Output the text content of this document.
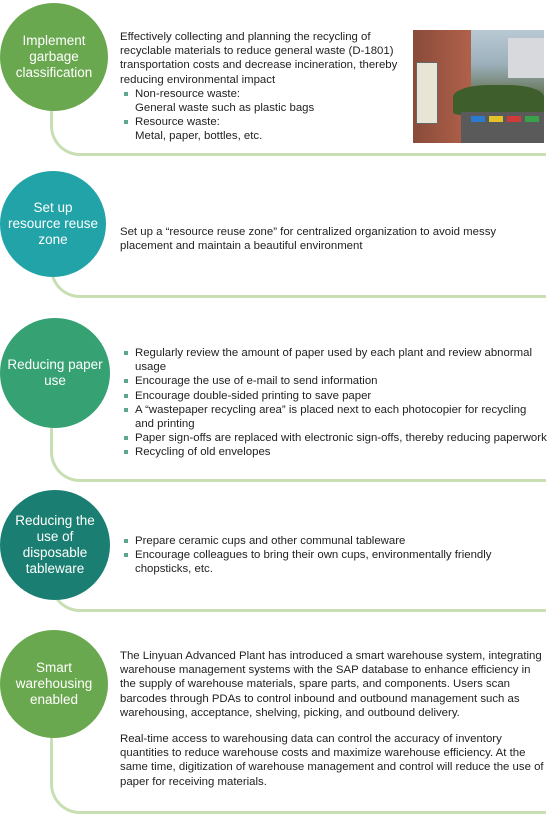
Implement garbage classification

Effectively collecting and planning the recycling of recyclable materials to reduce general waste (D-1801) transportation costs and decrease incineration, thereby reducing environmental impact

Non-resource waste:
General waste such as plastic bags
Resource waste:
Metal, paper, bottles, etc.
Set up resource reuse zone	Set up a “resource reuse zone” for centralized organization to avoid messy placement and maintain a beautiful environment

Reducing paper use
Regularly review the amount of paper used by each plant and review abnormal usage
Encourage the use of e-mail to send information
Encourage double-sided printing to save paper
A “wastepaper recycling area” is placed next to each photocopier for recycling and printing
Paper sign-offs are replaced with electronic sign-offs, thereby reducing paperwork
Recycling of old envelopes
Reducing the use of disposable tableware
Prepare ceramic cups and other communal tableware
Encourage colleagues to bring their own cups, environmentally friendly chopsticks, etc.
Smart warehousing enabled

The Linyuan Advanced Plant has introduced a smart warehouse system, integrating warehouse management systems with the SAP database to enhance efficiency in the supply of warehouse materials, spare parts, and components. Users scan barcodes through PDAs to control inbound and outbound management such as warehousing, acceptance, shelving, picking, and outbound delivery.

Real-time access to warehousing data can control the accuracy of inventory quantities to reduce warehouse costs and maximize warehouse efficiency. At the same time, digitization of warehouse management and control will reduce the use of paper for receiving materials.
